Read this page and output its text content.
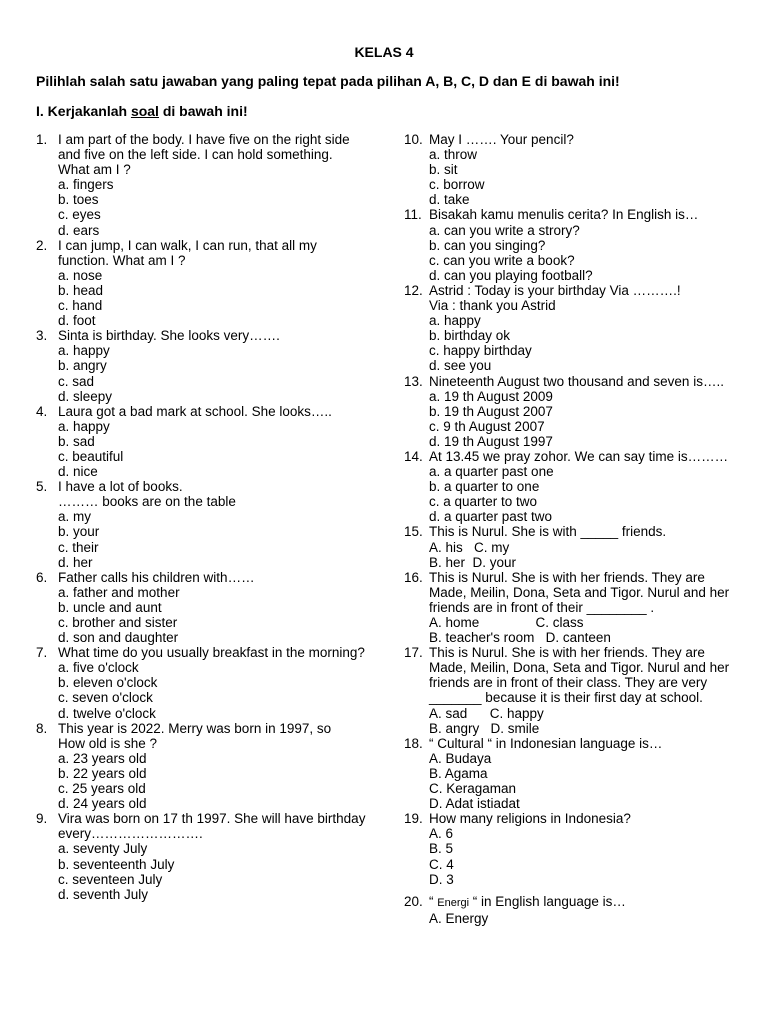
KELAS 4
Pilihlah salah satu jawaban yang paling tepat pada pilihan A, B, C, D dan E di bawah ini!
I. Kerjakanlah soal di bawah ini!
1. I am part of the body. I have five on the right side
and five on the left side. I can hold something.
What am I ?
a. fingers
b. toes
c. eyes
d. ears
2. I can jump, I can walk, I can run, that all my function. What am I ?
a. nose
b. head
c. hand
d. foot
3. Sinta is birthday. She looks very…….
a. happy
b. angry
c. sad
d. sleepy
4. Laura got a bad mark at school. She looks…..
a. happy
b. sad
c. beautiful
d. nice
5. I have a lot of books.
……… books are on the table
a. my
b. your
c. their
d. her
6. Father calls his children with……
a. father and mother
b. uncle and aunt
c. brother and sister
d. son and daughter
7. What time do you usually breakfast in the morning?
a. five o'clock
b. eleven o'clock
c. seven o'clock
d. twelve o'clock
8. This year is 2022. Merry was born in 1997, so
How old is she ?
a. 23 years old
b. 22 years old
c. 25 years old
d. 24 years old
9. Vira was born on 17 th 1997. She will have birthday every…………………….
a. seventy July
b. seventeenth July
c. seventeen July
d. seventh July
10. May I ……. Your pencil?
a. throw
b. sit
c. borrow
d. take
11. Bisakah kamu menulis cerita? In English is…
a. can you write a strory?
b. can you singing?
c. can you write a book?
d. can you playing football?
12. Astrid : Today is your birthday Via ……….!
Via : thank you Astrid
a. happy
b. birthday ok
c. happy birthday
d. see you
13. Nineteenth August two thousand and seven is…..
a. 19 th August 2009
b. 19 th August 2007
c. 9 th August 2007
d. 19 th August 1997
14. At 13.45 we pray zohor. We can say time is………
a. a quarter past one
b. a quarter to one
c. a quarter to two
d. a quarter past two
15. This is Nurul. She is with _____ friends.
A. his   C. my
B. her  D. your
16. This is Nurul. She is with her friends. They are Made, Meilin, Dona, Seta and Tigor. Nurul and her friends are in front of their ________ .
A. home               C. class
B. teacher's room   D. canteen
17. This is Nurul. She is with her friends. They are Made, Meilin, Dona, Seta and Tigor. Nurul and her friends are in front of their class. They are very _______ because it is their first day at school.
A. sad      C. happy
B. angry   D. smile
18. “ Cultural “ in Indonesian language is…
A. Budaya
B. Agama
C. Keragaman
D. Adat istiadat
19. How many religions in Indonesia?
A. 6
B. 5
C. 4
D. 3
20. “ Energi “ in English language is…
A. Energy
